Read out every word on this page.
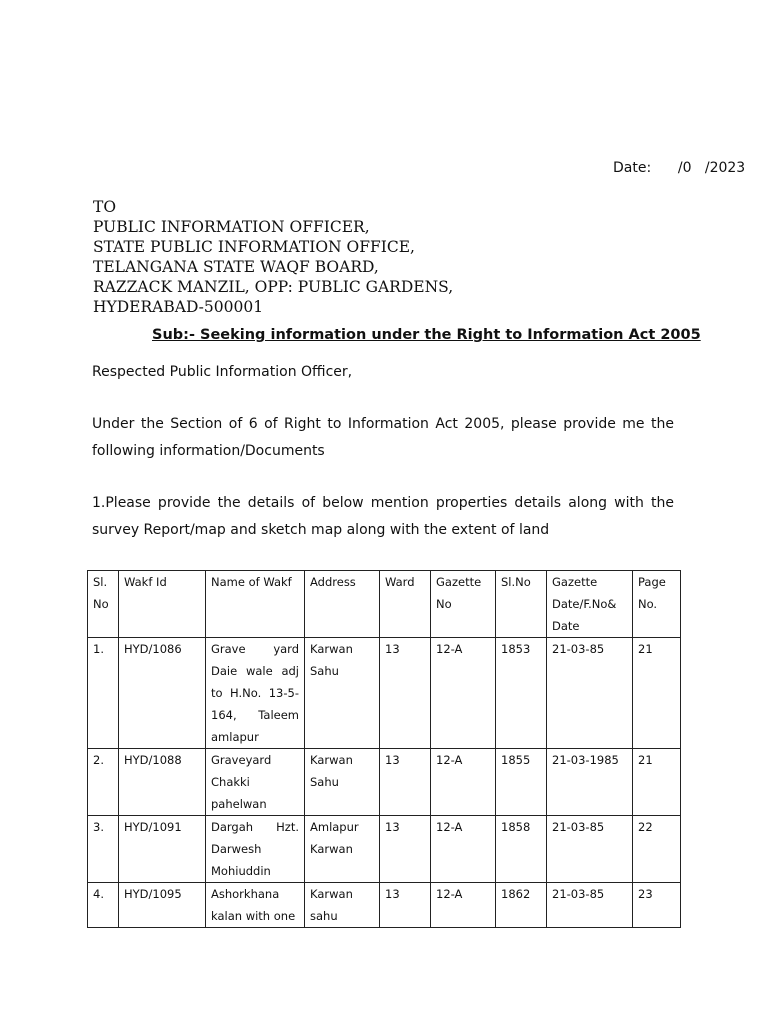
Date: /0   /2023
TO
PUBLIC INFORMATION OFFICER,
STATE PUBLIC INFORMATION OFFICE,
TELANGANA STATE WAQF BOARD,
RAZZACK MANZIL, OPP: PUBLIC GARDENS,
HYDERABAD-500001
Sub:- Seeking information under the Right to Information Act 2005
Respected Public Information Officer,
Under the Section of 6 of Right to Information Act 2005, please provide me the following information/Documents
1.Please provide the details of below mention properties details along with the survey Report/map and sketch map along with the extent of land
Sl. No	Wakf Id	Name of Wakf	Address	Ward	Gazette No	Sl.No	Gazette Date/F.No& Date	Page No.
1.	HYD/1086	Grave yard Daie wale adj to H.No. 13-5-164, Taleem amlapur	Karwan Sahu	13	12-A	1853	21-03-85	21
2.	HYD/1088	Graveyard Chakki pahelwan	Karwan Sahu	13	12-A	1855	21-03-1985	21
3.	HYD/1091	Dargah Hzt. Darwesh Mohiuddin	Amlapur Karwan	13	12-A	1858	21-03-85	22
4.	HYD/1095	Ashorkhana kalan with one	Karwan sahu	13	12-A	1862	21-03-85	23
